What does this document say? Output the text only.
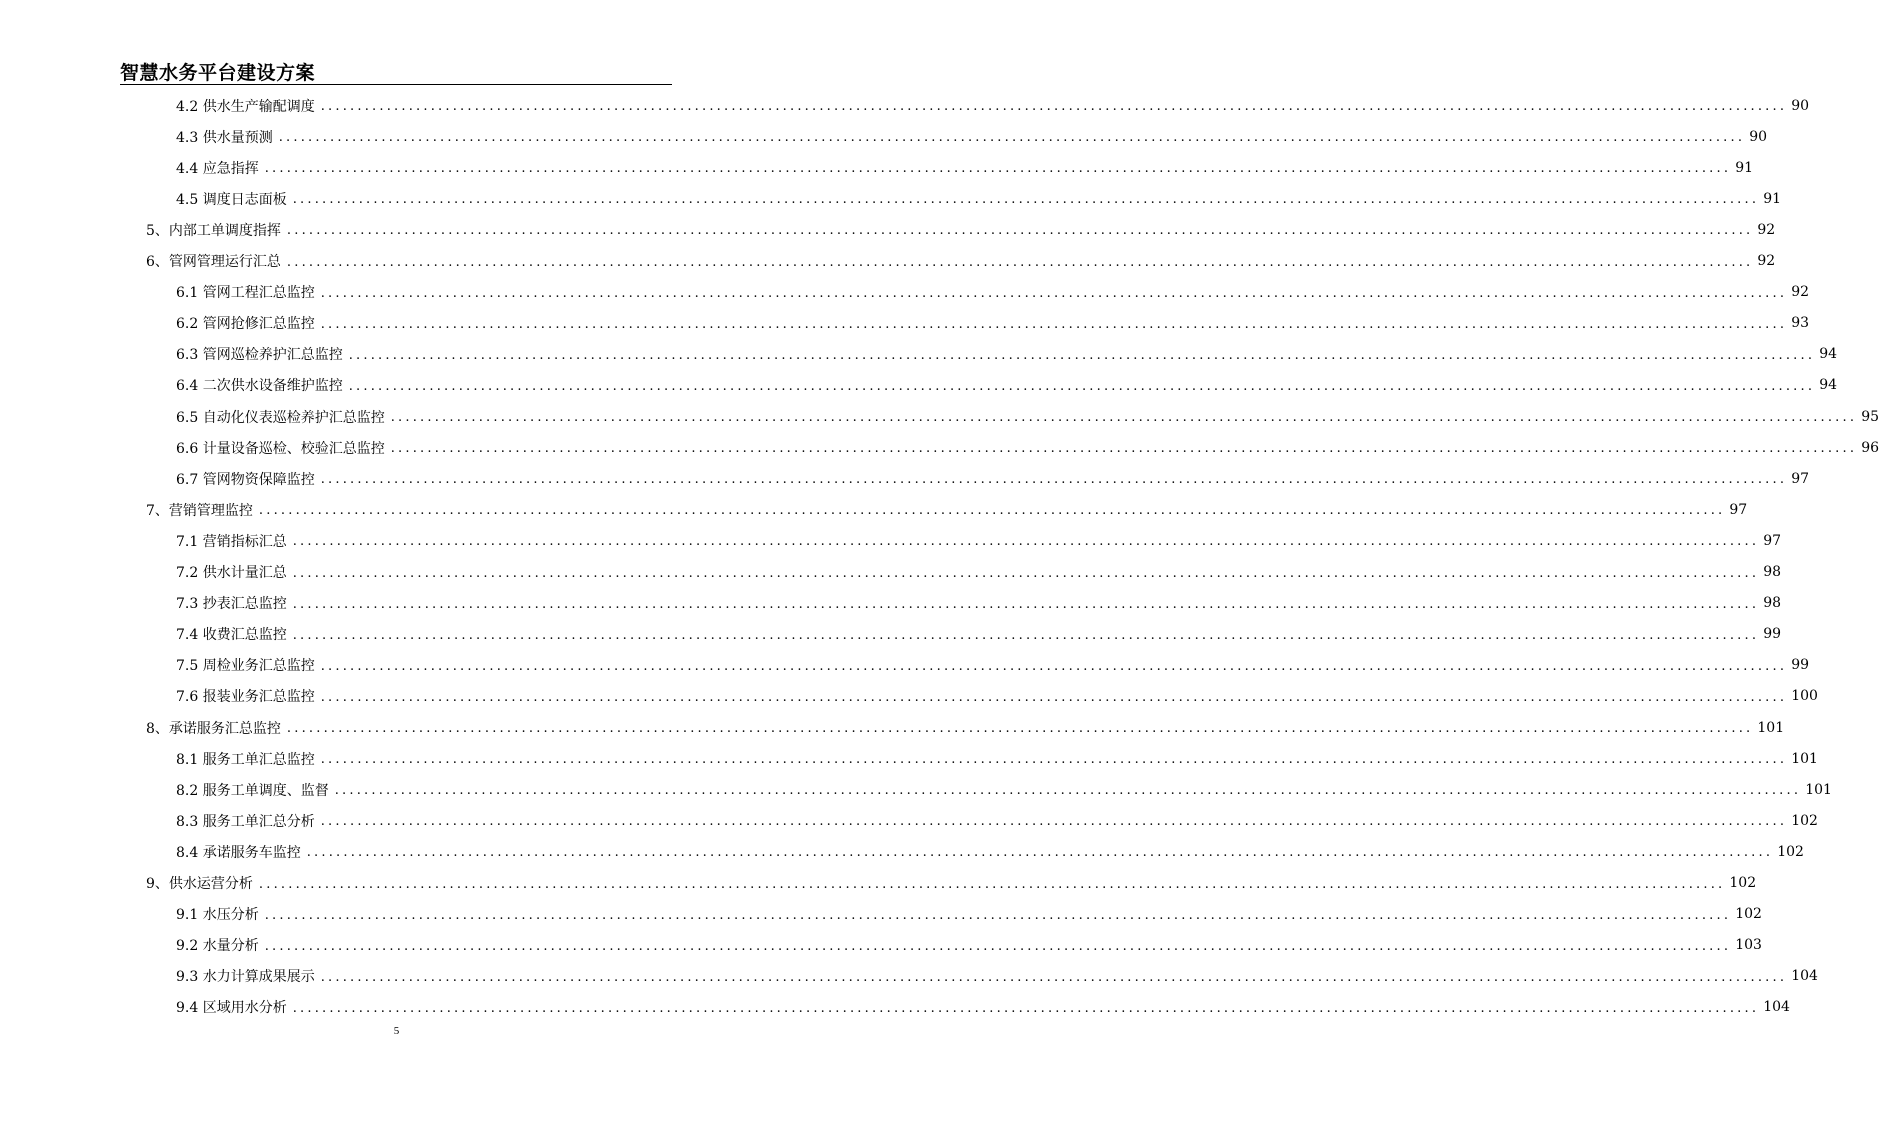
智慧水务平台建设方案
4.2 供水生产输配调度 ........................................................................................................................................................................................................ 90
4.3 供水量预测 ........................................................................................................................................................................................................ 90
4.4 应急指挥 ........................................................................................................................................................................................................ 91
4.5 调度日志面板 ........................................................................................................................................................................................................ 91
5、内部工单调度指挥 ........................................................................................................................................................................................................ 92
6、管网管理运行汇总 ........................................................................................................................................................................................................ 92
6.1 管网工程汇总监控 ........................................................................................................................................................................................................ 92
6.2 管网抢修汇总监控 ........................................................................................................................................................................................................ 93
6.3 管网巡检养护汇总监控 ........................................................................................................................................................................................................ 94
6.4 二次供水设备维护监控 ........................................................................................................................................................................................................ 94
6.5 自动化仪表巡检养护汇总监控 ........................................................................................................................................................................................................ 95
6.6 计量设备巡检、校验汇总监控 ........................................................................................................................................................................................................ 96
6.7 管网物资保障监控 ........................................................................................................................................................................................................ 97
7、营销管理监控 ........................................................................................................................................................................................................ 97
7.1 营销指标汇总 ........................................................................................................................................................................................................ 97
7.2 供水计量汇总 ........................................................................................................................................................................................................ 98
7.3 抄表汇总监控 ........................................................................................................................................................................................................ 98
7.4 收费汇总监控 ........................................................................................................................................................................................................ 99
7.5 周检业务汇总监控 ........................................................................................................................................................................................................ 99
7.6 报装业务汇总监控 ........................................................................................................................................................................................................ 100
8、承诺服务汇总监控 ........................................................................................................................................................................................................ 101
8.1 服务工单汇总监控 ........................................................................................................................................................................................................ 101
8.2 服务工单调度、监督 ........................................................................................................................................................................................................ 101
8.3 服务工单汇总分析 ........................................................................................................................................................................................................ 102
8.4 承诺服务车监控 ........................................................................................................................................................................................................ 102
9、供水运营分析 ........................................................................................................................................................................................................ 102
9.1 水压分析 ........................................................................................................................................................................................................ 102
9.2 水量分析 ........................................................................................................................................................................................................ 103
9.3 水力计算成果展示 ........................................................................................................................................................................................................ 104
9.4 区域用水分析 ........................................................................................................................................................................................................ 104
5
